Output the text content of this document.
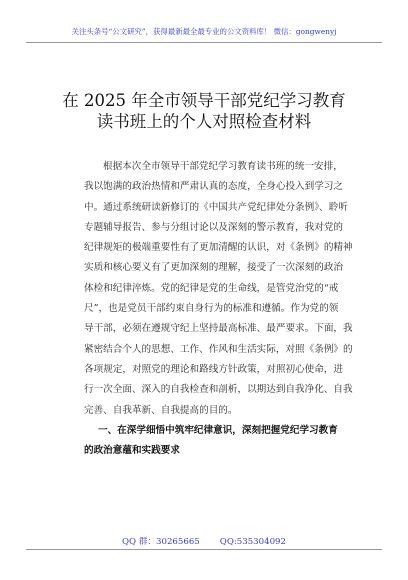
关注头条号“公文研究”，获得最新最全最专业的公文资料库！ 微信：gongwenyj
在 2025 年全市领导干部党纪学习教育
读书班上的个人对照检查材料
根据本次全市领导干部党纪学习教育读书班的统一安排，
我以饱满的政治热情和严肃认真的态度，全身心投入到学习之
中。通过系统研读新修订的《中国共产党纪律处分条例》、聆听
专题辅导报告、参与分组讨论以及深刻的警示教育，我对党的
纪律规矩的极端重要性有了更加清醒的认识，对《条例》的精神
实质和核心要义有了更加深刻的理解，接受了一次深刻的政治
体检和纪律淬炼。党的纪律是党的生命线，是管党治党的“戒
尺”，也是党员干部约束自身行为的标准和遵循。作为党的领
导干部，必须在遵规守纪上坚持最高标准、最严要求。下面，我
紧密结合个人的思想、工作、作风和生活实际，对照《条例》的
各项规定，对照党的理论和路线方针政策，对照初心使命，进
行一次全面、深入的自我检查和剖析，以期达到自我净化、自我
完善、自我革新、自我提高的目的。
一、在深学细悟中筑牢纪律意识，深刻把握党纪学习教育
的政治意蕴和实践要求
QQ 群：30265665 QQ:535304092
